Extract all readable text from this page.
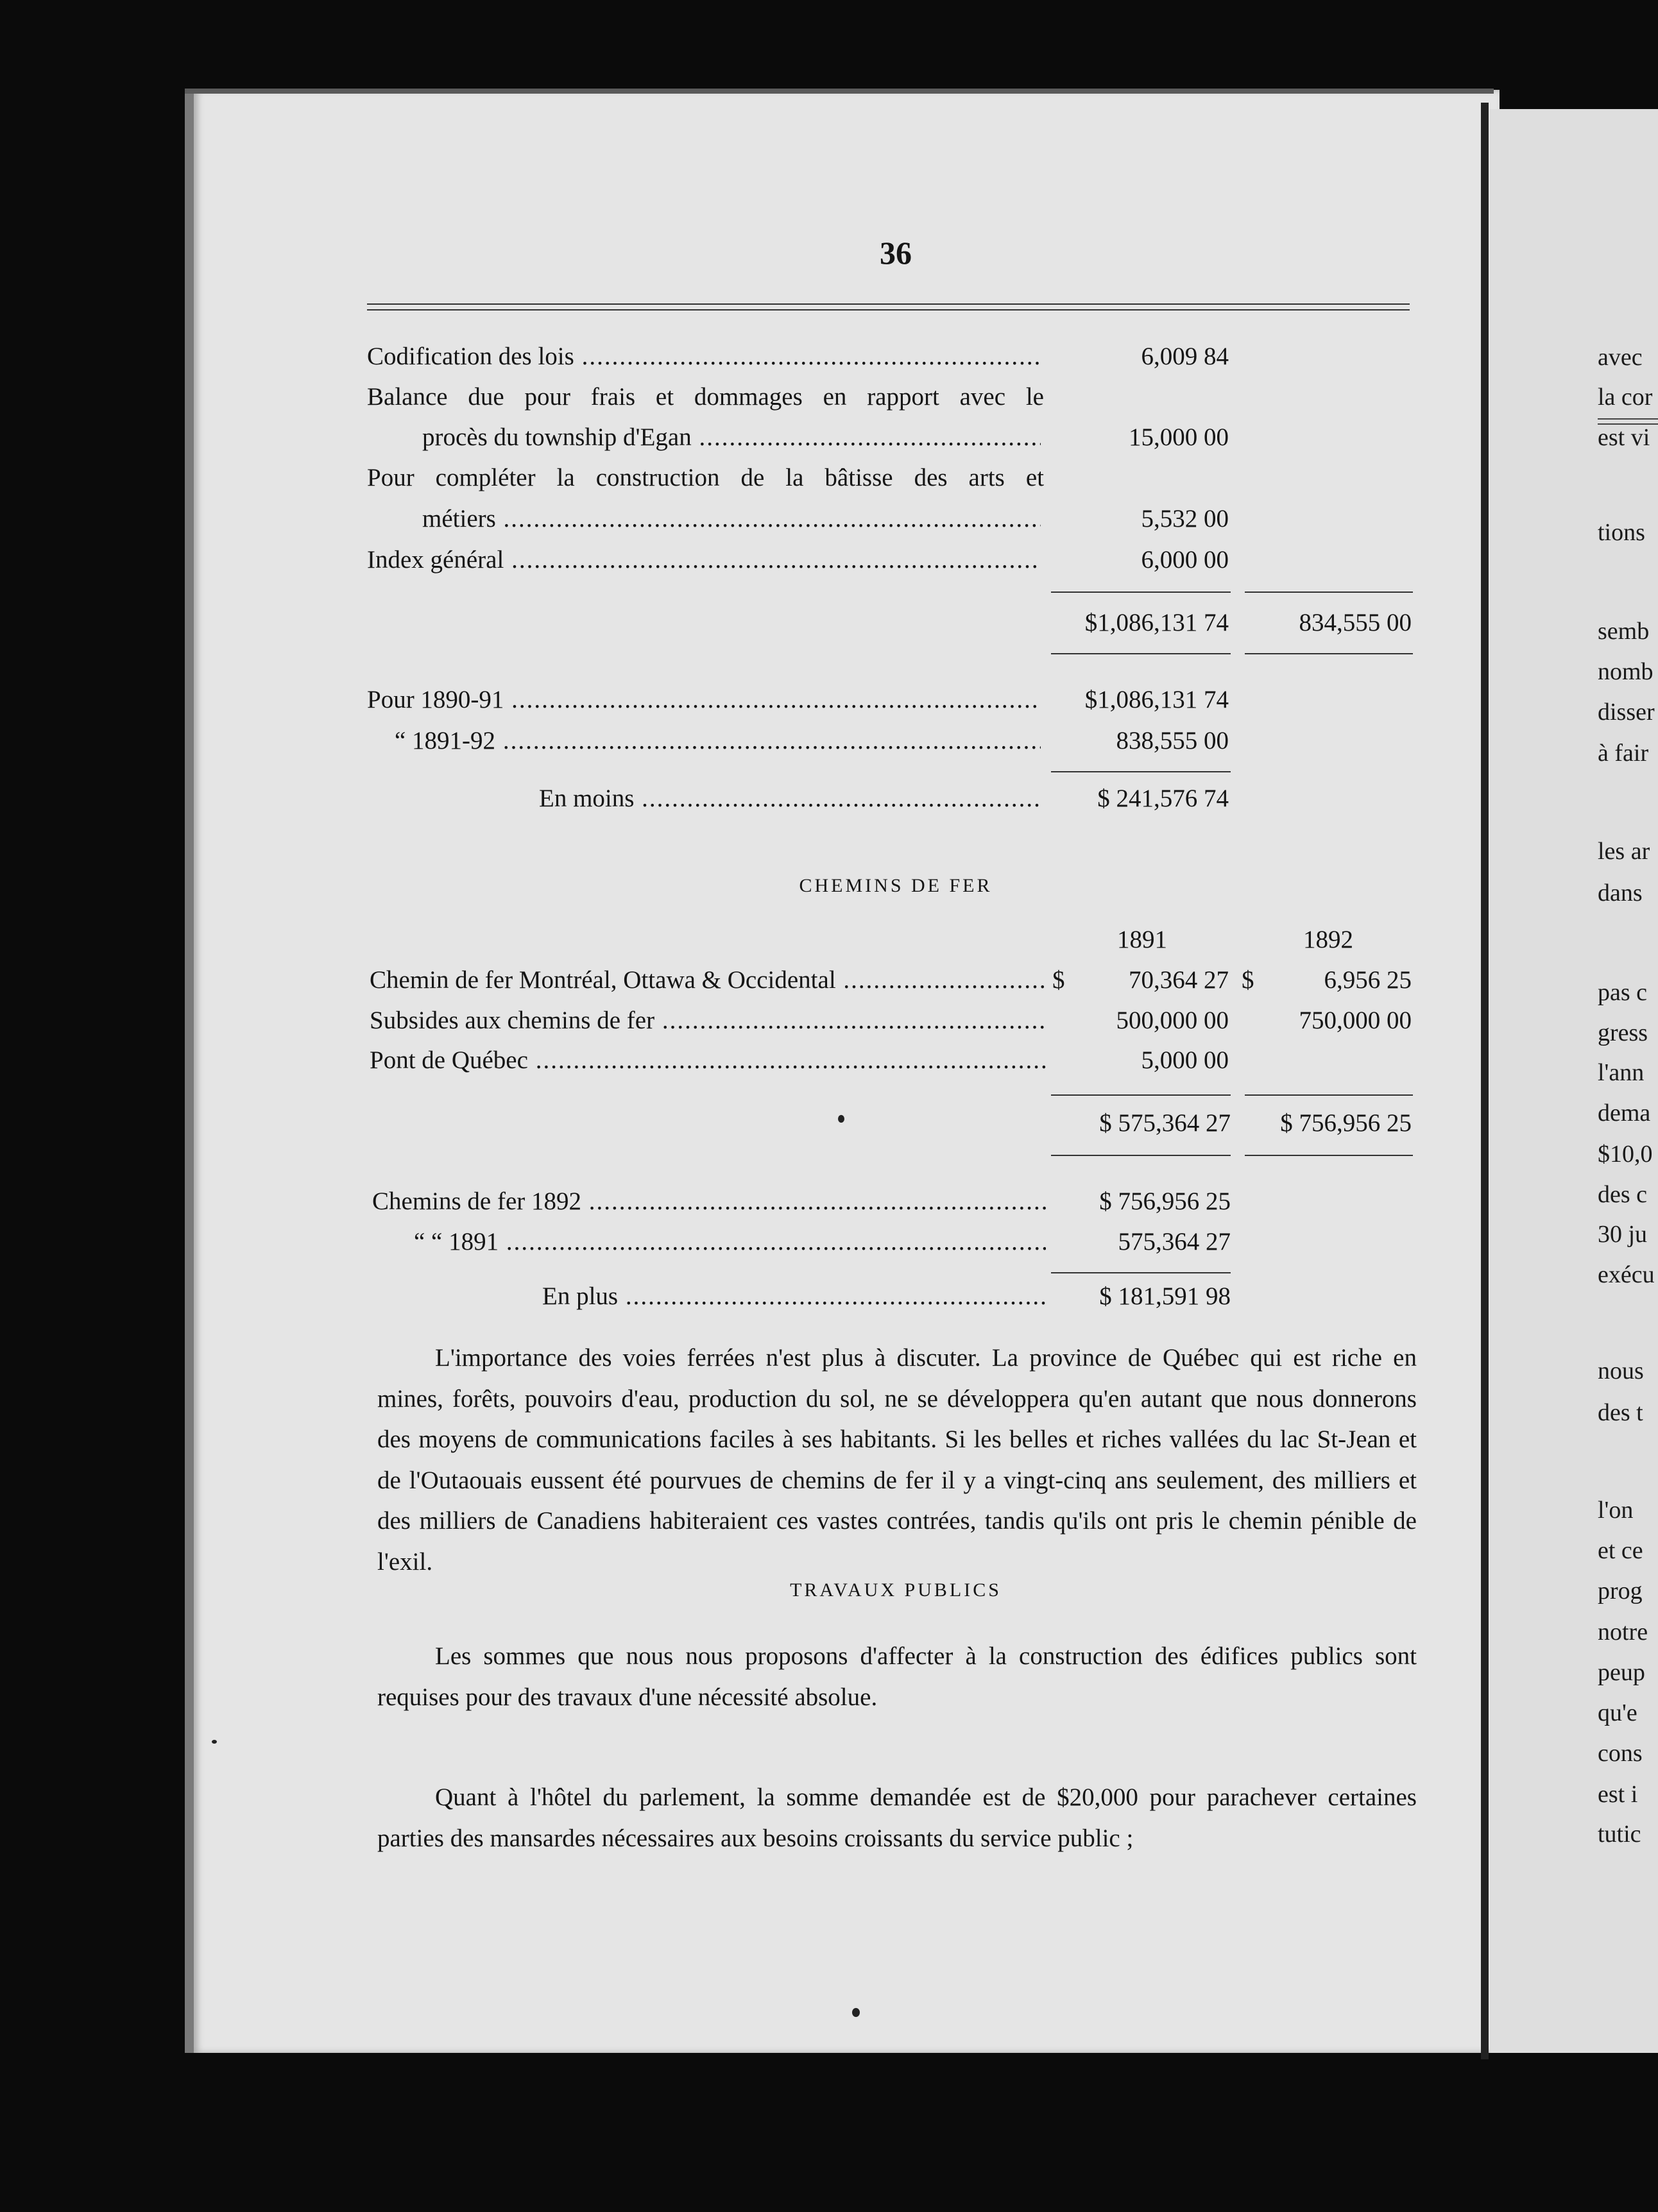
avec
la cor
est vi
tions
semb
nomb
disser
à fair
les ar
dans
pas c
gress
l'ann
dema
$10,0
des c
30 ju
exécu
nous
des t
l'on
et ce
prog
notre
peup
qu'e
cons
est i
tutic
36
Codification des lois .....	6,009 84
Balance due pour frais et dommages en rapport avec le
procès du township d'Egan .....	15,000 00
Pour compléter la construction de la bâtisse des arts et
métiers .....	5,532 00
Index général .....	6,000 00
$1,086,131 74	834,555 00
Pour 1890-91 .....	$1,086,131 74
“ 1891-92 .....	838,555 00
En moins .....	$ 241,576 74
CHEMINS DE FER
1891	1892
Chemin de fer Montréal, Ottawa & Occidental .....	$	70,364 27 $	6,956 25
Subsides aux chemins de fer .....	500,000 00	750,000 00
Pont de Québec .....	5,000 00
$ 575,364 27	$ 756,956 25
Chemins de fer 1892 .....	$ 756,956 25
“ “ 1891 .....	575,364 27
En plus .....	$ 181,591 98
L'importance des voies ferrées n'est plus à discuter. La province de Québec qui est riche en mines, forêts, pouvoirs d'eau, production du sol, ne se développera qu'en autant que nous donnerons des moyens de communications faciles à ses habitants. Si les belles et riches vallées du lac St-Jean et de l'Outaouais eussent été pourvues de chemins de fer il y a vingt-cinq ans seulement, des milliers et des milliers de Canadiens habiteraient ces vastes contrées, tandis qu'ils ont pris le chemin pénible de l'exil.
TRAVAUX PUBLICS
Les sommes que nous nous proposons d'affecter à la construction des édifices publics sont requises pour des travaux d'une nécessité absolue.
Quant à l'hôtel du parlement, la somme demandée est de $20,000 pour parachever certaines parties des mansardes nécessaires aux besoins croissants du service public ;
